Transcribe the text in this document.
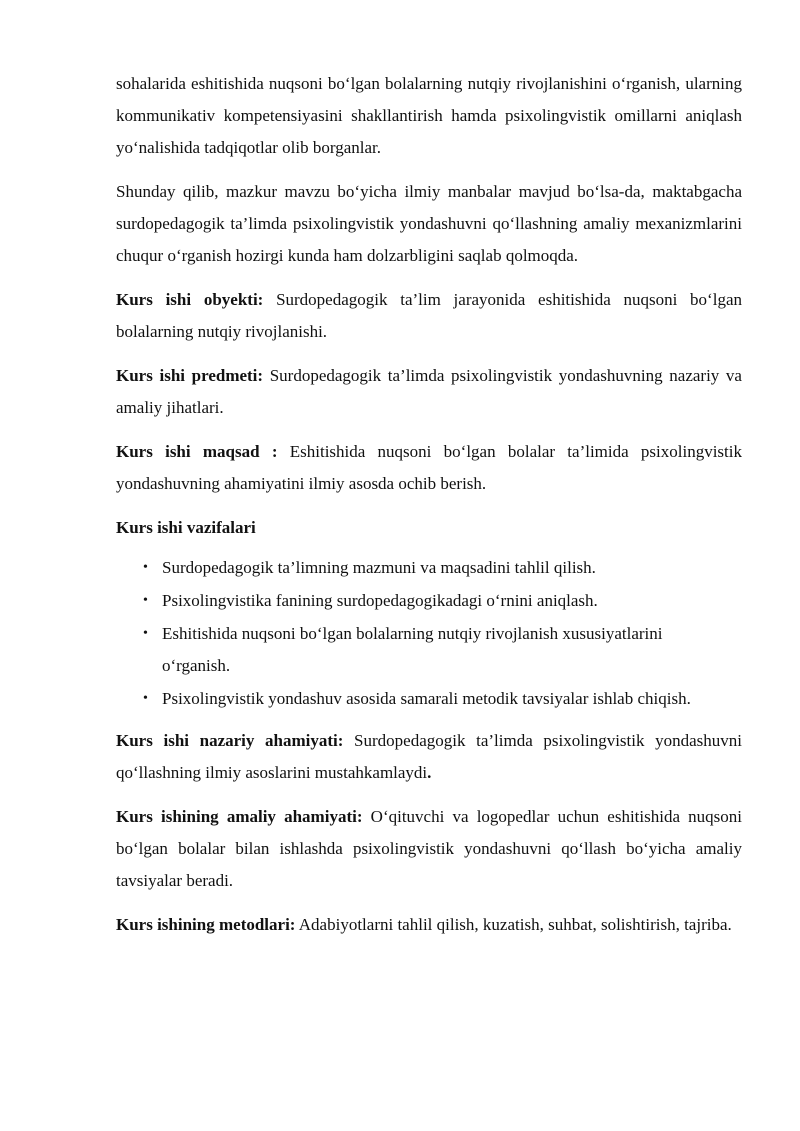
sohalarida eshitishida nuqsoni bo‘lgan bolalarning nutqiy rivojlanishini o‘rganish, ularning kommunikativ kompetensiyasini shakllantirish hamda psixolingvistik omillarni aniqlash yo‘nalishida tadqiqotlar olib borganlar.

Shunday qilib, mazkur mavzu bo‘yicha ilmiy manbalar mavjud bo‘lsa-da, maktabgacha surdopedagogik ta’limda psixolingvistik yondashuvni qo‘llashning amaliy mexanizmlarini chuqur o‘rganish hozirgi kunda ham dolzarbligini saqlab qolmoqda.

Kurs ishi obyekti: Surdopedagogik ta’lim jarayonida eshitishida nuqsoni bo‘lgan bolalarning nutqiy rivojlanishi.

Kurs ishi predmeti: Surdopedagogik ta’limda psixolingvistik yondashuvning nazariy va amaliy jihatlari.

Kurs ishi maqsad : Eshitishida nuqsoni bo‘lgan bolalar ta’limida psixolingvistik yondashuvning ahamiyatini ilmiy asosda ochib berish.

Kurs ishi vazifalari

• Surdopedagogik ta’limning mazmuni va maqsadini tahlil qilish.
• Psixolingvistika fanining surdopedagogikadagi o‘rnini aniqlash.
• Eshitishida nuqsoni bo‘lgan bolalarning nutqiy rivojlanish xususiyatlarini o‘rganish.
• Psixolingvistik yondashuv asosida samarali metodik tavsiyalar ishlab chiqish.

Kurs ishi nazariy ahamiyati: Surdopedagogik ta’limda psixolingvistik yondashuvni qo‘llashning ilmiy asoslarini mustahkamlaydi.

Kurs ishining amaliy ahamiyati: O‘qituvchi va logopedlar uchun eshitishida nuqsoni bo‘lgan bolalar bilan ishlashda psixolingvistik yondashuvni qo‘llash bo‘yicha amaliy tavsiyalar beradi.

Kurs ishining metodlari: Adabiyotlarni tahlil qilish, kuzatish, suhbat, solishtirish, tajriba.
